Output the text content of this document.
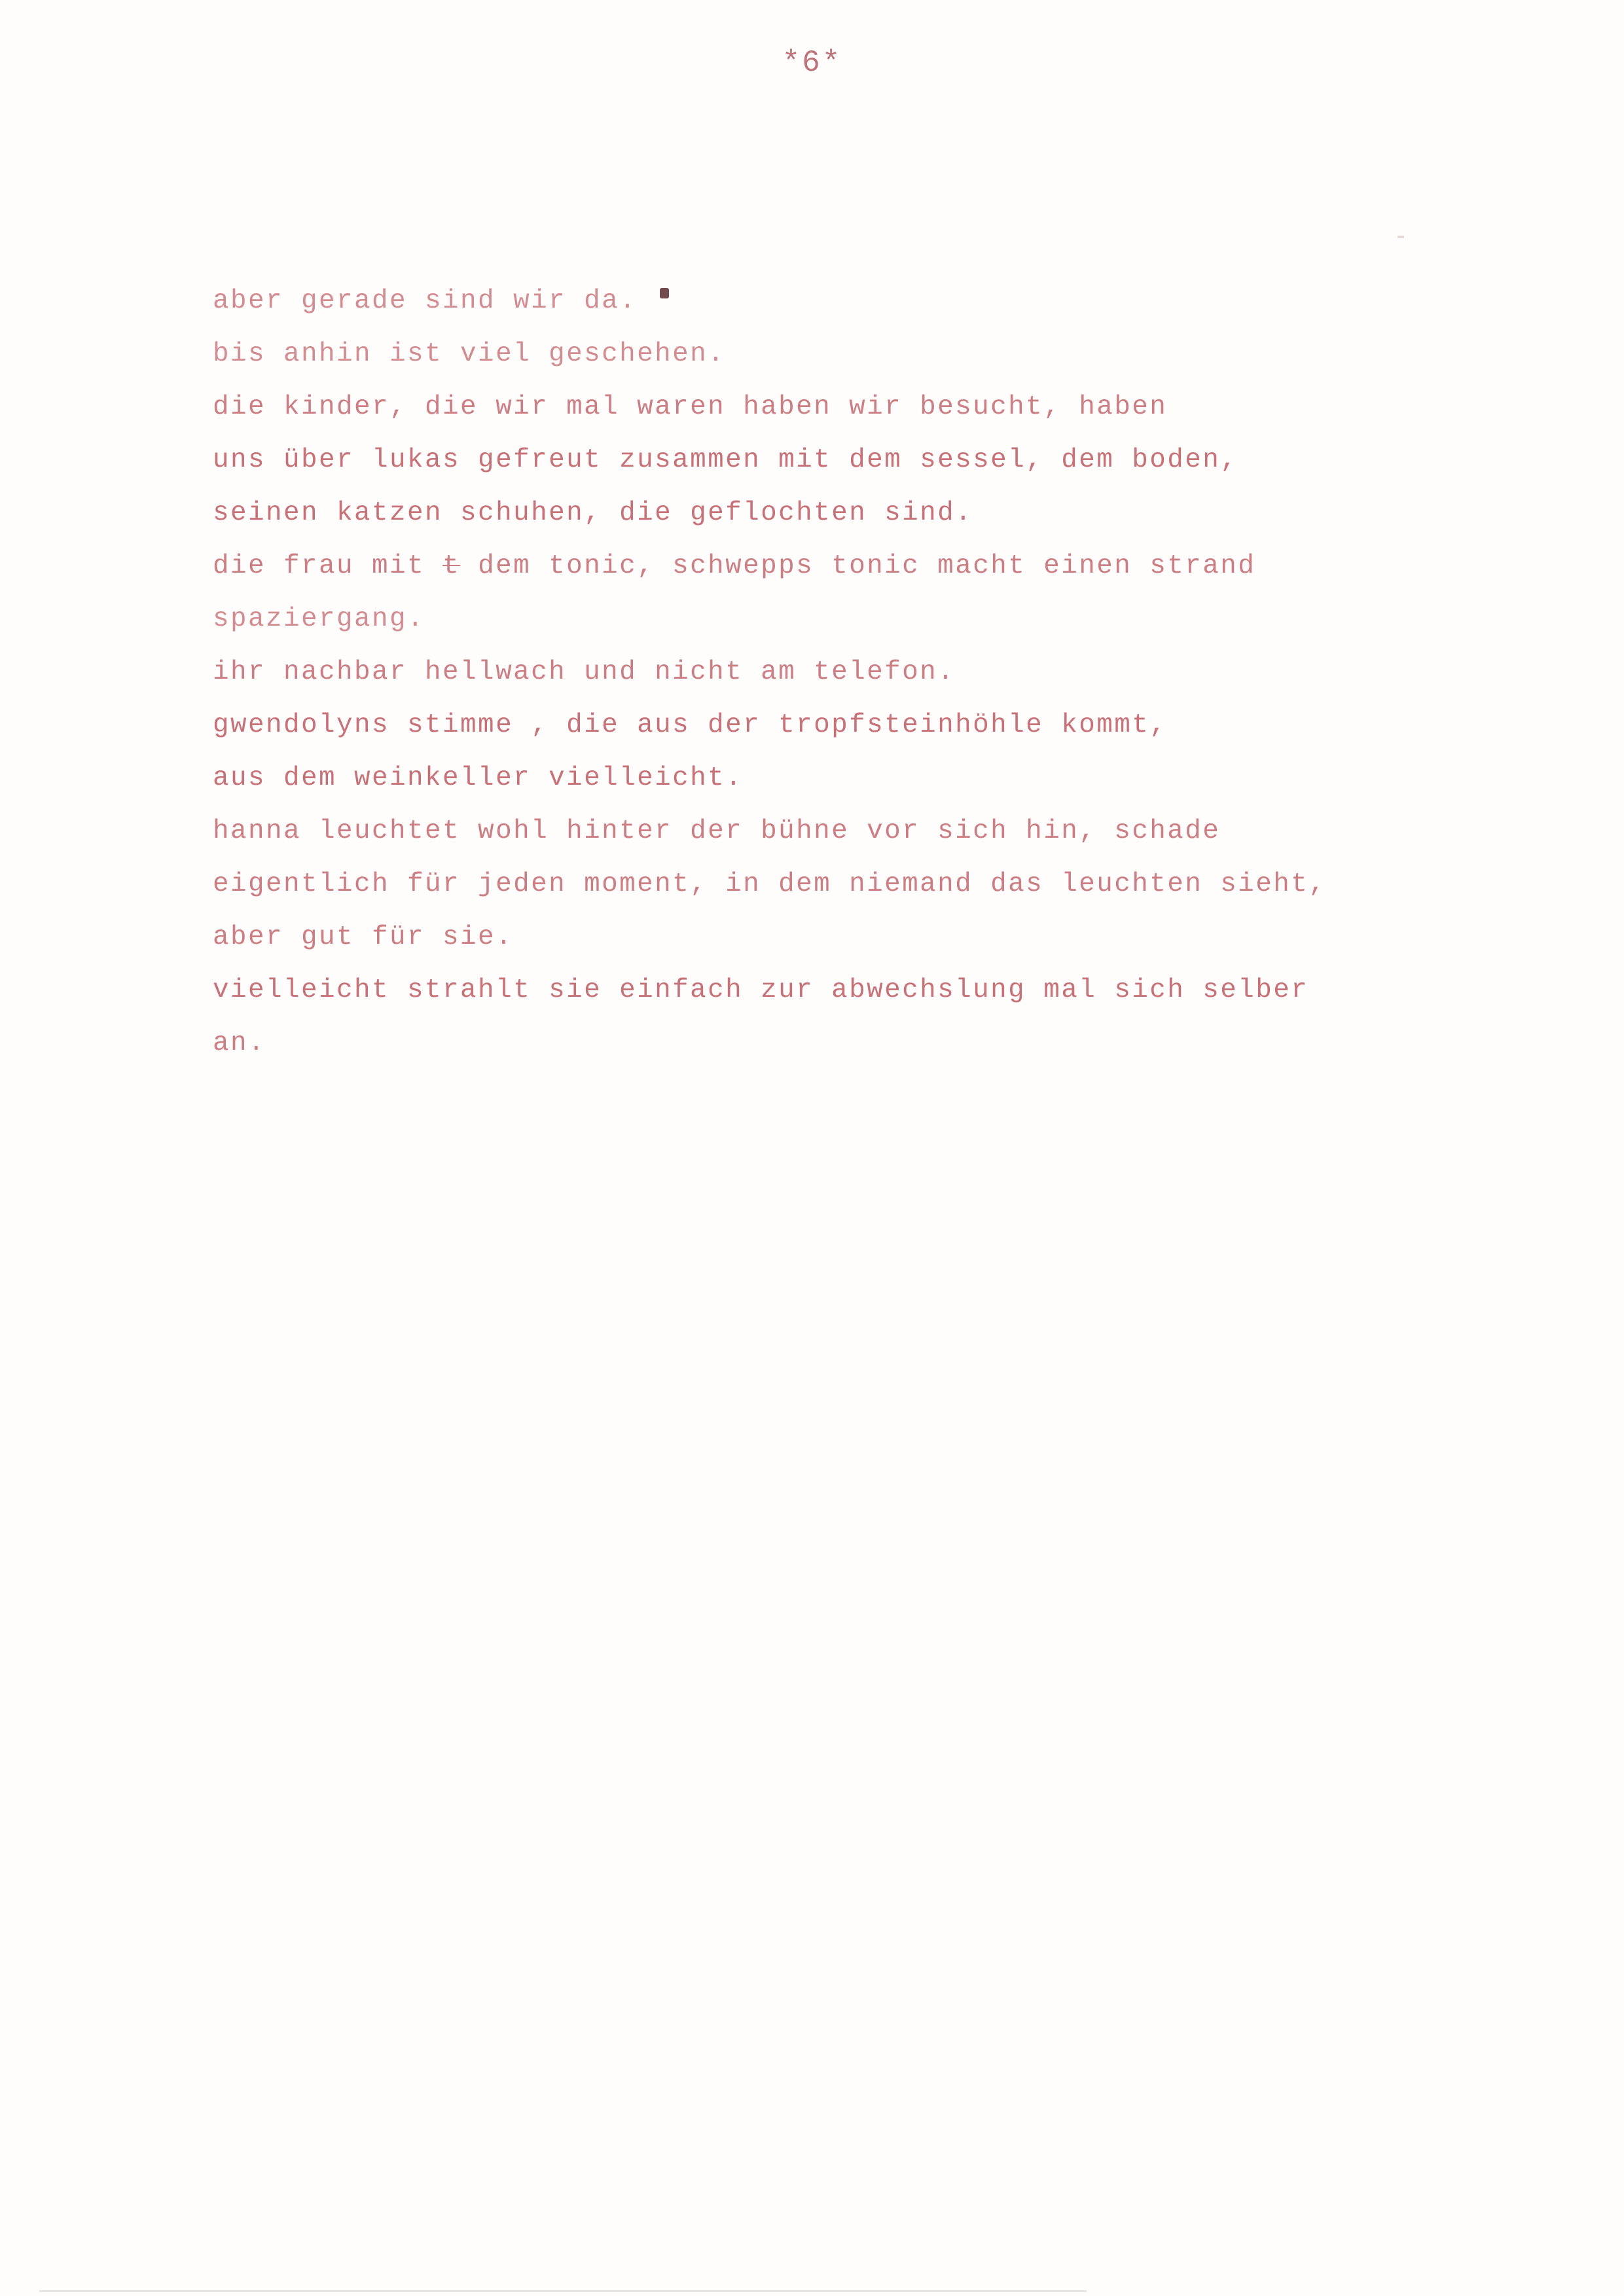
*6*
aber gerade sind wir da.
bis anhin ist viel geschehen.
die kinder, die wir mal waren haben wir besucht, haben
uns über lukas gefreut zusammen mit dem sessel, dem boden,
seinen katzen schuhen, die geflochten sind.
die frau mit t dem tonic, schwepps tonic macht einen strand
spaziergang.
ihr nachbar hellwach und nicht am telefon.
gwendolyns stimme , die aus der tropfsteinhöhle kommt,
aus dem weinkeller vielleicht.
hanna leuchtet wohl hinter der bühne vor sich hin, schade
eigentlich für jeden moment, in dem niemand das leuchten sieht,
aber gut für sie.
vielleicht strahlt sie einfach zur abwechslung mal sich selber
an.
